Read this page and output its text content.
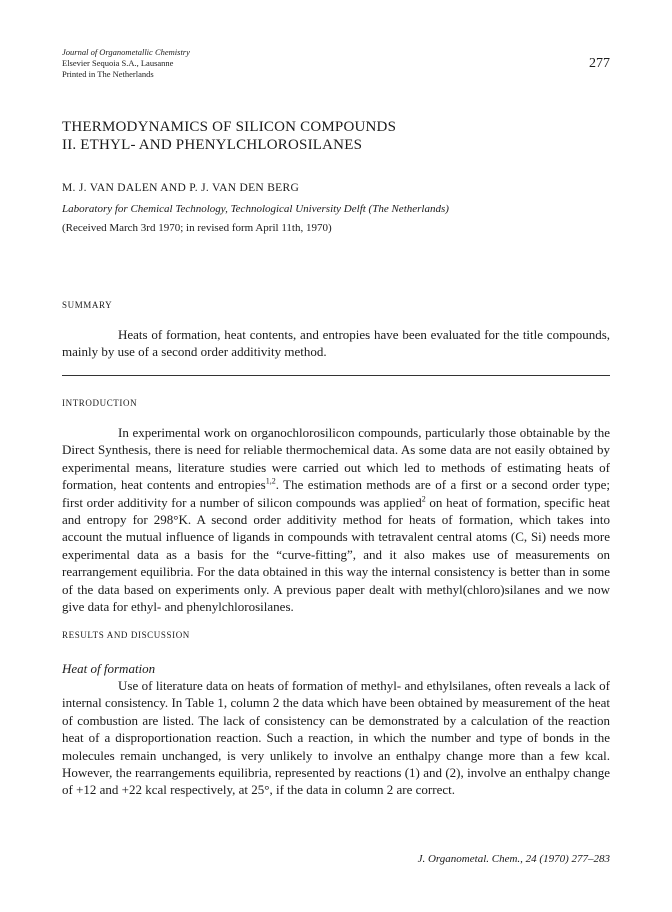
Journal of Organometallic Chemistry
Elsevier Sequoia S.A., Lausanne
Printed in The Netherlands
277
THERMODYNAMICS OF SILICON COMPOUNDS
II. ETHYL- AND PHENYLCHLOROSILANES
M. J. VAN DALEN AND P. J. VAN DEN BERG
Laboratory for Chemical Technology, Technological University Delft (The Netherlands)
(Received March 3rd 1970; in revised form April 11th, 1970)
SUMMARY

Heats of formation, heat contents, and entropies have been evaluated for the title compounds, mainly by use of a second order additivity method.

INTRODUCTION

In experimental work on organochlorosilicon compounds, particularly those obtainable by the Direct Synthesis, there is need for reliable thermochemical data. As some data are not easily obtained by experimental means, literature studies were carried out which led to methods of estimating heats of formation, heat contents and entropies$^{1,2}$. The estimation methods are of a first or a second order type; first order additivity for a number of silicon compounds was applied$^2$ on heat of formation, specific heat and entropy for 298°K. A second order additivity method for heats of formation, which takes into account the mutual influence of ligands in compounds with tetravalent central atoms (C, Si) needs more experimental data as a basis for the “curve-fitting”, and it also makes use of measurements on rearrangement equilibria. For the data obtained in this way the internal consistency is better than in some of the data based on experiments only. A previous paper dealt with methyl(chloro)silanes and we now give data for ethyl- and phenylchlorosilanes.

RESULTS AND DISCUSSION
Heat of formation

Use of literature data on heats of formation of methyl- and ethylsilanes, often reveals a lack of internal consistency. In Table 1, column 2 the data which have been obtained by measurement of the heat of combustion are listed. The lack of consistency can be demonstrated by a calculation of the reaction heat of a disproportionation reaction. Such a reaction, in which the number and type of bonds in the molecules remain unchanged, is very unlikely to involve an enthalpy change more than a few kcal. However, the rearrangements equilibria, represented by reactions (1) and (2), involve an enthalpy change of +12 and +22 kcal respectively, at 25°, if the data in column 2 are correct.

J. Organometal. Chem., 24 (1970) 277–283
